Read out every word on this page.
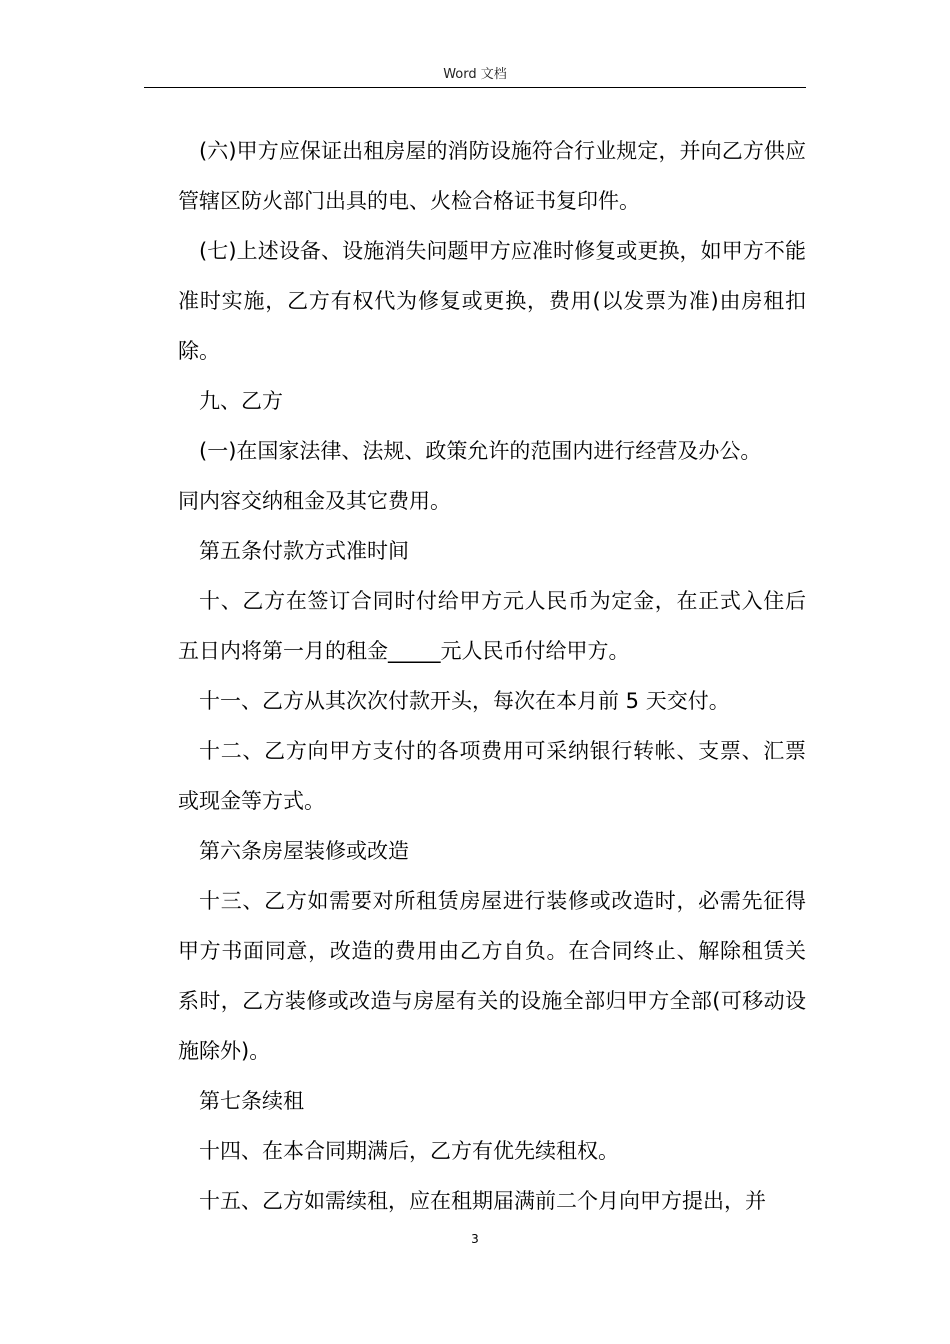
Word 文档

(六)甲方应保证出租房屋的消防设施符合行业规定，并向乙方供应管辖区防火部门出具的电、火检合格证书复印件。

(七)上述设备、设施消失问题甲方应准时修复或更换，如甲方不能准时实施，乙方有权代为修复或更换，费用(以发票为准)由房租扣除。

九、乙方

(一)在国家法律、法规、政策允许的范围内进行经营及办公。

同内容交纳租金及其它费用。

第五条付款方式准时间

十、乙方在签订合同时付给甲方元人民币为定金，在正式入住后五日内将第一月的租金_____元人民币付给甲方。

十一、乙方从其次次付款开头，每次在本月前 5 天交付。

十二、乙方向甲方支付的各项费用可采纳银行转帐、支票、汇票或现金等方式。

第六条房屋装修或改造

十三、乙方如需要对所租赁房屋进行装修或改造时，必需先征得甲方书面同意，改造的费用由乙方自负。在合同终止、解除租赁关系时，乙方装修或改造与房屋有关的设施全部归甲方全部(可移动设施除外)。

第七条续租

十四、在本合同期满后，乙方有优先续租权。

十五、乙方如需续租，应在租期届满前二个月向甲方提出，并

3
